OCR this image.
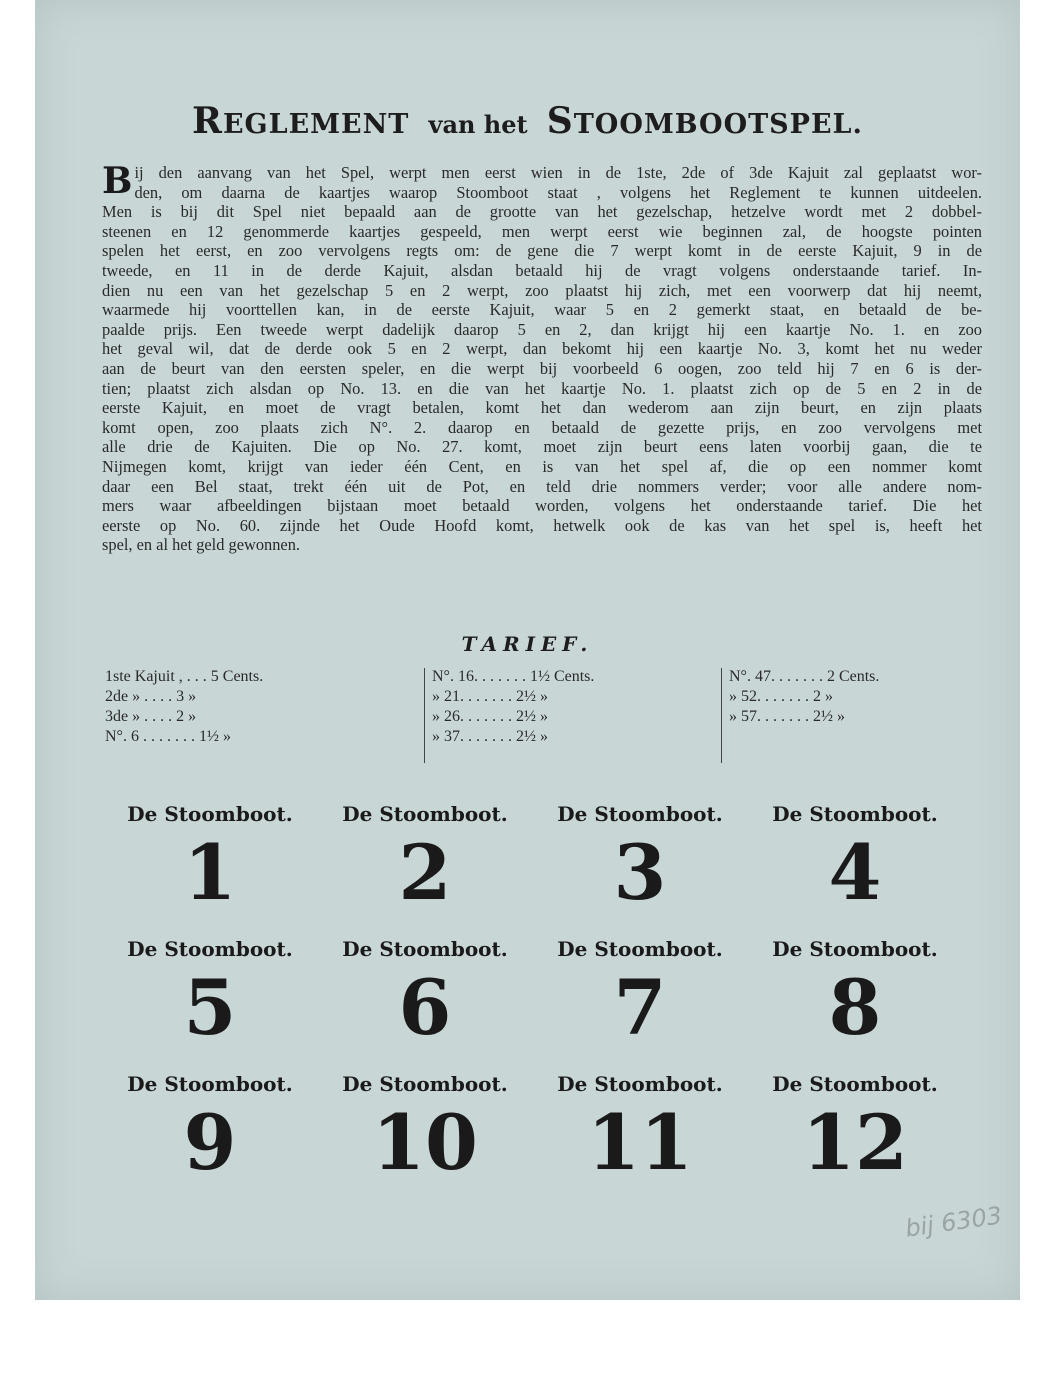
REGLEMENT van het STOOMBOOTSPEL.
B ij den aanvang van het Spel, werpt men eerst wien in de 1ste, 2de of 3de Kajuit zal geplaatst wor-
den, om daarna de kaartjes waarop Stoomboot staat , volgens het Reglement te kunnen uitdeelen.
Men is bij dit Spel niet bepaald aan de grootte van het gezelschap, hetzelve wordt met 2 dobbel-
steenen en 12 genommerde kaartjes gespeeld, men werpt eerst wie beginnen zal, de hoogste pointen
spelen het eerst, en zoo vervolgens regts om: de gene die 7 werpt komt in de eerste Kajuit, 9 in de
tweede, en 11 in de derde Kajuit, alsdan betaald hij de vragt volgens onderstaande tarief. In-
dien nu een van het gezelschap 5 en 2 werpt, zoo plaatst hij zich, met een voorwerp dat hij neemt,
waarmede hij voorttellen kan, in de eerste Kajuit, waar 5 en 2 gemerkt staat, en betaald de be-
paalde prijs. Een tweede werpt dadelijk daarop 5 en 2, dan krijgt hij een kaartje No. 1. en zoo
het geval wil, dat de derde ook 5 en 2 werpt, dan bekomt hij een kaartje No. 3, komt het nu weder
aan de beurt van den eersten speler, en die werpt bij voorbeeld 6 oogen, zoo teld hij 7 en 6 is der-
tien; plaatst zich alsdan op No. 13. en die van het kaartje No. 1. plaatst zich op de 5 en 2 in de
eerste Kajuit, en moet de vragt betalen, komt het dan wederom aan zijn beurt, en zijn plaats
komt open, zoo plaats zich N°. 2. daarop en betaald de gezette prijs, en zoo vervolgens met
alle drie de Kajuiten. Die op No. 27. komt, moet zijn beurt eens laten voorbij gaan, die te
Nijmegen komt, krijgt van ieder één Cent, en is van het spel af, die op een nommer komt
daar een Bel staat, trekt één uit de Pot, en teld drie nommers verder; voor alle andere nom-
mers waar afbeeldingen bijstaan moet betaald worden, volgens het onderstaande tarief. Die het
eerste op No. 60. zijnde het Oude Hoofd komt, hetwelk ook de kas van het spel is, heeft het
spel, en al het geld gewonnen.
TARIEF.
1ste Kajuit , . . . 5 Cents.
2de » . . . . 3 »
3de » . . . . 2 »
N°. 6 . . . . . . . 1½ »
N°. 16. . . . . . . 1½ Cents.
» 21. . . . . . . 2½ »
» 26. . . . . . . 2½ »
» 37. . . . . . . 2½ »
N°. 47. . . . . . . 2 Cents.
» 52. . . . . . . 2 »
» 57. . . . . . . 2½ »
De Stoomboot.
1
De Stoomboot.
2
De Stoomboot.
3
De Stoomboot.
4
De Stoomboot.
5
De Stoomboot.
6
De Stoomboot.
7
De Stoomboot.
8
De Stoomboot.
9
De Stoomboot.
10
De Stoomboot.
11
De Stoomboot.
12
bij 6303
